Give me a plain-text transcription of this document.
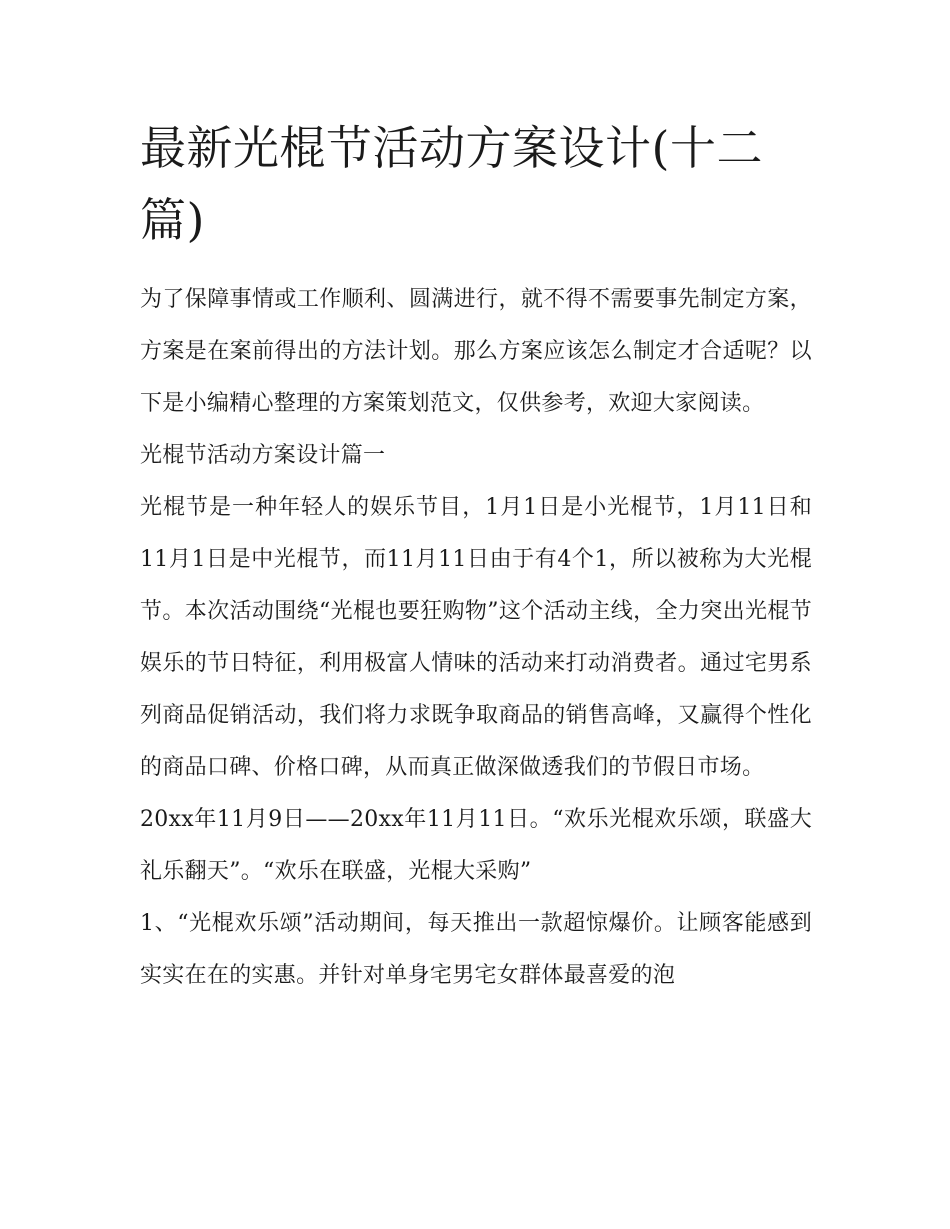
最新光棍节活动方案设计(十二篇)

为了保障事情或工作顺利、圆满进行，就不得不需要事先制定方案，方案是在案前得出的方法计划。那么方案应该怎么制定才合适呢？以下是小编精心整理的方案策划范文，仅供参考，欢迎大家阅读。

光棍节活动方案设计篇一

光棍节是一种年轻人的娱乐节目，1月1日是小光棍节，1月11日和11月1日是中光棍节，而11月11日由于有4个1，所以被称为大光棍节。本次活动围绕“光棍也要狂购物”这个活动主线，全力突出光棍节娱乐的节日特征，利用极富人情味的活动来打动消费者。通过宅男系列商品促销活动，我们将力求既争取商品的销售高峰，又赢得个性化的商品口碑、价格口碑，从而真正做深做透我们的节假日市场。

20xx年11月9日——20xx年11月11日。“欢乐光棍欢乐颂，联盛大礼乐翻天”。“欢乐在联盛，光棍大采购”

1、“光棍欢乐颂”活动期间，每天推出一款超惊爆价。让顾客能感到实实在在的实惠。并针对单身宅男宅女群体最喜爱的泡
